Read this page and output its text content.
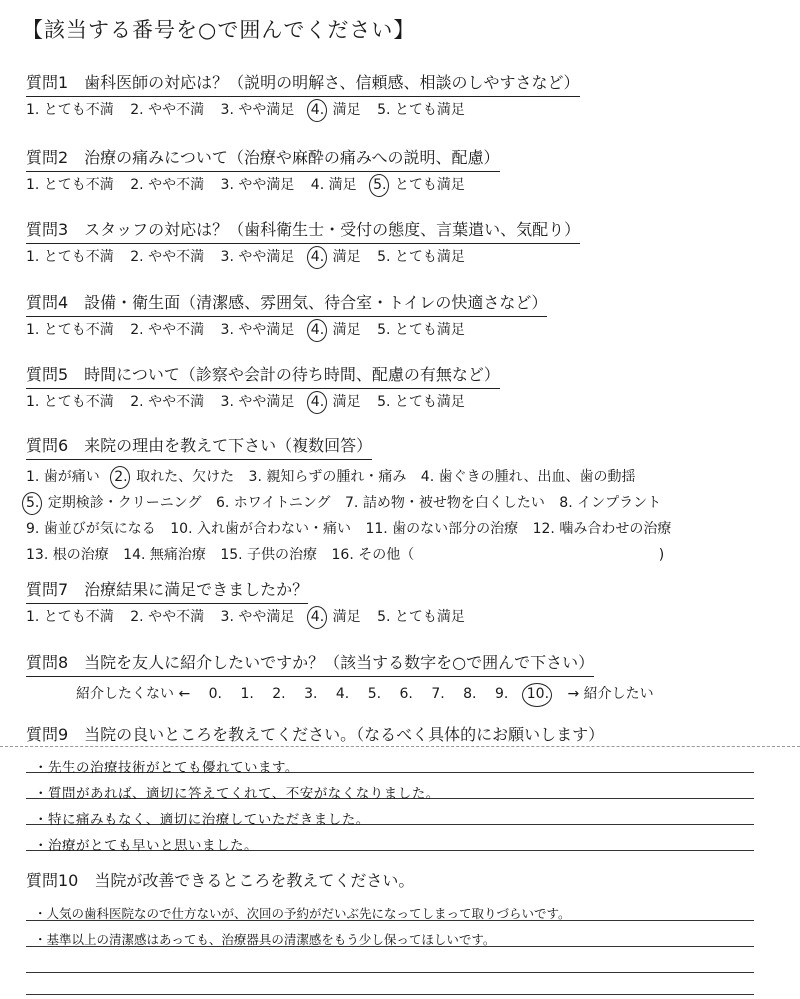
【該当する番号を○で囲んでください】
質問1　歯科医師の対応は？（説明の明解さ、信頼感、相談のしやすさなど）
1. とても不満 2. やや不満 3. やや満足 4. 満足 5. とても満足
質問2　治療の痛みについて（治療や麻酔の痛みへの説明、配慮）
1. とても不満 2. やや不満 3. やや満足 4. 満足 5. とても満足
質問3　スタッフの対応は？（歯科衛生士・受付の態度、言葉遣い、気配り）
1. とても不満 2. やや不満 3. やや満足 4. 満足 5. とても満足
質問4　設備・衛生面（清潔感、雰囲気、待合室・トイレの快適さなど）
1. とても不満 2. やや不満 3. やや満足 4. 満足 5. とても満足
質問5　時間について（診察や会計の待ち時間、配慮の有無など）
1. とても不満 2. やや不満 3. やや満足 4. 満足 5. とても満足
質問6　来院の理由を教えて下さい（複数回答）
1. 歯が痛い 2. 取れた、欠けた 3. 親知らずの腫れ・痛み 4. 歯ぐきの腫れ、出血、歯の動揺
5. 定期検診・クリーニング 6. ホワイトニング 7. 詰め物・被せ物を白くしたい 8. インプラント
9. 歯並びが気になる 10. 入れ歯が合わない・痛い 11. 歯のない部分の治療 12. 噛み合わせの治療
13. 根の治療 14. 無痛治療 15. 子供の治療 16. その他（	)
質問7　治療結果に満足できましたか？
1. とても不満 2. やや不満 3. やや満足 4. 満足 5. とても満足
質問8　当院を友人に紹介したいですか？（該当する数字を○で囲んで下さい）
紹介したくない ← 0. 1. 2. 3. 4. 5. 6. 7. 8. 9. 10. → 紹介したい
質問9　当院の良いところを教えてください。（なるべく具体的にお願いします）
・先生の治療技術がとても優れています。
・質問があれば、適切に答えてくれて、不安がなくなりました。
・特に痛みもなく、適切に治療していただきました。
・治療がとても早いと思いました。
質問10　当院が改善できるところを教えてください。
・人気の歯科医院なので仕方ないが、次回の予約がだいぶ先になってしまって取りづらいです。
・基準以上の清潔感はあっても、治療器具の清潔感をもう少し保ってほしいです。
